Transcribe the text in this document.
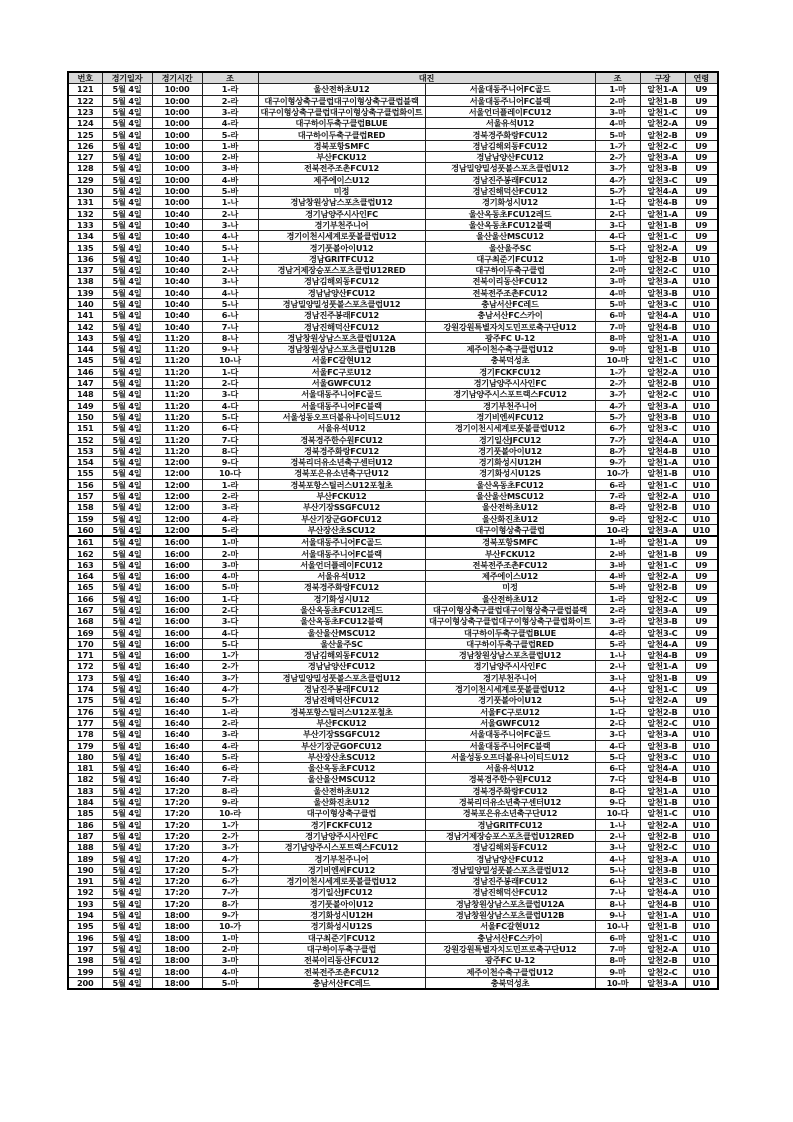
번호	경기일자	경기시간	조	대진		조	구장	연령
121	5월 4일	10:00	1-라	울산전하초U12	서울대동주니어FC골드	1-마	알천1-A	U9
122	5월 4일	10:00	2-라	대구이형상축구클럽대구이형상축구클럽블랙	서울대동주니어FC블랙	2-마	알천1-B	U9
123	5월 4일	10:00	3-라	대구이형상축구클럽대구이형상축구클럽화이트	서울언더플레이FCU12	3-마	알천1-C	U9
124	5월 4일	10:00	4-라	대구하이두축구클럽BLUE	서울유석U12	4-마	알천2-A	U9
125	5월 4일	10:00	5-라	대구하이두축구클럽RED	경북경주화랑FCU12	5-마	알천2-B	U9
126	5월 4일	10:00	1-바	경북포항SMFC	경남김해외동FCU12	1-가	알천2-C	U9
127	5월 4일	10:00	2-바	부산FCKU12	경남남양산FCU12	2-가	알천3-A	U9
128	5월 4일	10:00	3-바	전북전주조촌FCU12	경남밀양밀성풋볼스포츠클럽U12	3-가	알천3-B	U9
129	5월 4일	10:00	4-바	제주에이스U12	경남진주봉래FCU12	4-가	알천3-C	U9
130	5월 4일	10:00	5-바	미정	경남진해덕산FCU12	5-가	알천4-A	U9
131	5월 4일	10:00	1-나	경남창원상남스포츠클럽U12	경기화성시U12	1-다	알천4-B	U9
132	5월 4일	10:40	2-나	경기남양주시사인FC	울산옥동초FCU12레드	2-다	알천1-A	U9
133	5월 4일	10:40	3-나	경기부천주니어	울산옥동초FCU12블랙	3-다	알천1-B	U9
134	5월 4일	10:40	4-나	경기이천시세계로풋볼클럽U12	울산울산MSCU12	4-다	알천1-C	U9
135	5월 4일	10:40	5-나	경기풋볼아이U12	울산울주SC	5-다	알천2-A	U9
136	5월 4일	10:40	1-나	경남GRITFCU12	대구최준기FCU12	1-마	알천2-B	U10
137	5월 4일	10:40	2-나	경남거제장승포스포츠클럽U12RED	대구하이두축구클럽	2-마	알천2-C	U10
138	5월 4일	10:40	3-나	경남김해외동FCU12	전북이리동산FCU12	3-마	알천3-A	U10
139	5월 4일	10:40	4-나	경남남양산FCU12	전북전주조촌FCU12	4-마	알천3-B	U10
140	5월 4일	10:40	5-나	경남밀양밀성풋볼스포츠클럽U12	충남서산FC레드	5-마	알천3-C	U10
141	5월 4일	10:40	6-나	경남진주봉래FCU12	충남서산FC스카이	6-마	알천4-A	U10
142	5월 4일	10:40	7-나	경남진해덕산FCU12	강원강원특별자치도민프로축구단U12	7-마	알천4-B	U10
143	5월 4일	11:20	8-나	경남창원상남스포츠클럽U12A	광주FC U-12	8-마	알천1-A	U10
144	5월 4일	11:20	9-나	경남창원상남스포츠클럽U12B	제주이천수축구클럽U12	9-마	알천1-B	U10
145	5월 4일	11:20	10-나	서울FC갈현U12	충북덕성초	10-마	알천1-C	U10
146	5월 4일	11:20	1-다	서울FC구로U12	경기FCKFCU12	1-가	알천2-A	U10
147	5월 4일	11:20	2-다	서울GWFCU12	경기남양주시사인FC	2-가	알천2-B	U10
148	5월 4일	11:20	3-다	서울대동주니어FC골드	경기남양주시스포트랙스FCU12	3-가	알천2-C	U10
149	5월 4일	11:20	4-다	서울대동주니어FC블랙	경기부천주니어	4-가	알천3-A	U10
150	5월 4일	11:20	5-다	서울성동오프더볼유나이티드U12	경기비엔씨FCU12	5-가	알천3-B	U10
151	5월 4일	11:20	6-다	서울유석U12	경기이천시세계로풋볼클럽U12	6-가	알천3-C	U10
152	5월 4일	11:20	7-다	경북경주한수원FCU12	경기일산JFCU12	7-가	알천4-A	U10
153	5월 4일	11:20	8-다	경북경주화랑FCU12	경기풋볼아이U12	8-가	알천4-B	U10
154	5월 4일	12:00	9-다	경북리더유소년축구센터U12	경기화성시U12H	9-가	알천1-A	U10
155	5월 4일	12:00	10-다	경북포은유소년축구단U12	경기화성시U12S	10-가	알천1-B	U10
156	5월 4일	12:00	1-라	경북포항스틸러스U12포철초	울산옥동초FCU12	6-라	알천1-C	U10
157	5월 4일	12:00	2-라	부산FCKU12	울산울산MSCU12	7-라	알천2-A	U10
158	5월 4일	12:00	3-라	부산기장SSGFCU12	울산전하초U12	8-라	알천2-B	U10
159	5월 4일	12:00	4-라	부산기장군GOFCU12	울산화진초U12	9-라	알천2-C	U10
160	5월 4일	12:00	5-라	부산장산초SCU12	대구이형상축구클럽	10-라	알천3-A	U10
161	5월 4일	16:00	1-마	서울대동주니어FC골드	경북포항SMFC	1-바	알천1-A	U9
162	5월 4일	16:00	2-마	서울대동주니어FC블랙	부산FCKU12	2-바	알천1-B	U9
163	5월 4일	16:00	3-마	서울언더플레이FCU12	전북전주조촌FCU12	3-바	알천1-C	U9
164	5월 4일	16:00	4-마	서울유석U12	제주에이스U12	4-바	알천2-A	U9
165	5월 4일	16:00	5-마	경북경주화랑FCU12	미정	5-바	알천2-B	U9
166	5월 4일	16:00	1-다	경기화성시U12	울산전하초U12	1-라	알천2-C	U9
167	5월 4일	16:00	2-다	울산옥동초FCU12레드	대구이형상축구클럽대구이형상축구클럽블랙	2-라	알천3-A	U9
168	5월 4일	16:00	3-다	울산옥동초FCU12블랙	대구이형상축구클럽대구이형상축구클럽화이트	3-라	알천3-B	U9
169	5월 4일	16:00	4-다	울산울산MSCU12	대구하이두축구클럽BLUE	4-라	알천3-C	U9
170	5월 4일	16:00	5-다	울산울주SC	대구하이두축구클럽RED	5-라	알천4-A	U9
171	5월 4일	16:00	1-가	경남김해외동FCU12	경남창원상남스포츠클럽U12	1-나	알천4-B	U9
172	5월 4일	16:40	2-가	경남남양산FCU12	경기남양주시사인FC	2-나	알천1-A	U9
173	5월 4일	16:40	3-가	경남밀양밀성풋볼스포츠클럽U12	경기부천주니어	3-나	알천1-B	U9
174	5월 4일	16:40	4-가	경남진주봉래FCU12	경기이천시세계로풋볼클럽U12	4-나	알천1-C	U9
175	5월 4일	16:40	5-가	경남진해덕산FCU12	경기풋볼아이U12	5-나	알천2-A	U9
176	5월 4일	16:40	1-라	경북포항스틸러스U12포철초	서울FC구로U12	1-다	알천2-B	U10
177	5월 4일	16:40	2-라	부산FCKU12	서울GWFCU12	2-다	알천2-C	U10
178	5월 4일	16:40	3-라	부산기장SSGFCU12	서울대동주니어FC골드	3-다	알천3-A	U10
179	5월 4일	16:40	4-라	부산기장군GOFCU12	서울대동주니어FC블랙	4-다	알천3-B	U10
180	5월 4일	16:40	5-라	부산장산초SCU12	서울성동오프더볼유나이티드U12	5-다	알천3-C	U10
181	5월 4일	16:40	6-라	울산옥동초FCU12	서울유석U12	6-다	알천4-A	U10
182	5월 4일	16:40	7-라	울산울산MSCU12	경북경주한수원FCU12	7-다	알천4-B	U10
183	5월 4일	17:20	8-라	울산전하초U12	경북경주화랑FCU12	8-다	알천1-A	U10
184	5월 4일	17:20	9-라	울산화진초U12	경북리더유소년축구센터U12	9-다	알천1-B	U10
185	5월 4일	17:20	10-라	대구이형상축구클럽	경북포은유소년축구단U12	10-다	알천1-C	U10
186	5월 4일	17:20	1-가	경기FCKFCU12	경남GRITFCU12	1-나	알천2-A	U10
187	5월 4일	17:20	2-가	경기남양주시사인FC	경남거제장승포스포츠클럽U12RED	2-나	알천2-B	U10
188	5월 4일	17:20	3-가	경기남양주시스포트랙스FCU12	경남김해외동FCU12	3-나	알천2-C	U10
189	5월 4일	17:20	4-가	경기부천주니어	경남남양산FCU12	4-나	알천3-A	U10
190	5월 4일	17:20	5-가	경기비엔씨FCU12	경남밀양밀성풋볼스포츠클럽U12	5-나	알천3-B	U10
191	5월 4일	17:20	6-가	경기이천시세계로풋볼클럽U12	경남진주봉래FCU12	6-나	알천3-C	U10
192	5월 4일	17:20	7-가	경기일산JFCU12	경남진해덕산FCU12	7-나	알천4-A	U10
193	5월 4일	17:20	8-가	경기풋볼아이U12	경남창원상남스포츠클럽U12A	8-나	알천4-B	U10
194	5월 4일	18:00	9-가	경기화성시U12H	경남창원상남스포츠클럽U12B	9-나	알천1-A	U10
195	5월 4일	18:00	10-가	경기화성시U12S	서울FC갈현U12	10-나	알천1-B	U10
196	5월 4일	18:00	1-마	대구최준기FCU12	충남서산FC스카이	6-마	알천1-C	U10
197	5월 4일	18:00	2-마	대구하이두축구클럽	강원강원특별자치도민프로축구단U12	7-마	알천2-A	U10
198	5월 4일	18:00	3-마	전북이리동산FCU12	광주FC U-12	8-마	알천2-B	U10
199	5월 4일	18:00	4-마	전북전주조촌FCU12	제주이천수축구클럽U12	9-마	알천2-C	U10
200	5월 4일	18:00	5-마	충남서산FC레드	충북덕성초	10-마	알천3-A	U10
